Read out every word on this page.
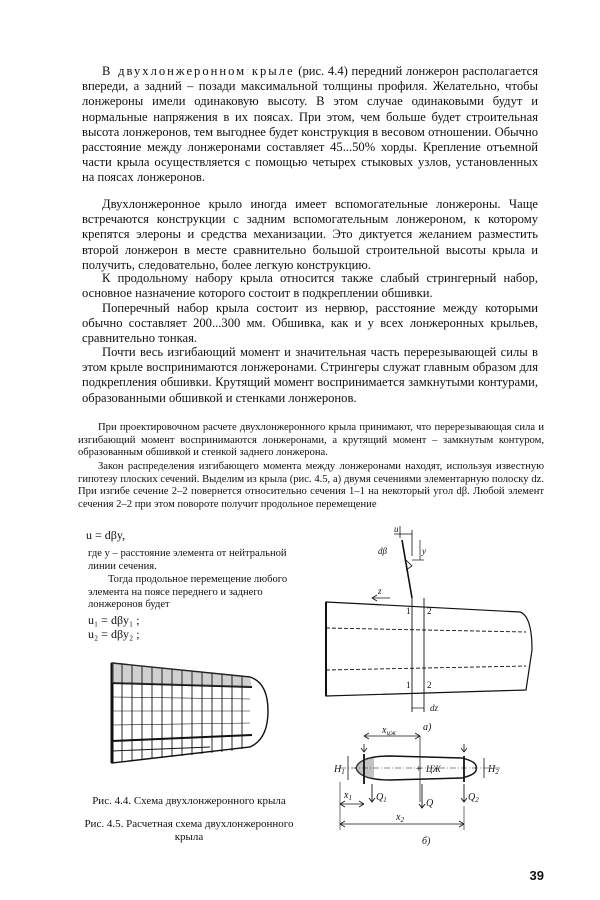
В двухлонжеронном крыле (рис. 4.4) передний лонжерон располагается впереди, а задний – позади максимальной толщины профиля. Желательно, чтобы лонжероны имели одинаковую высоту. В этом случае одинаковыми будут и нормальные напряжения в их поясах. При этом, чем больше будет строительная высота лонжеронов, тем выгоднее будет конструкция в весовом отношении. Обычно расстояние между лонжеронами составляет 45...50% хорды. Крепление отъемной части крыла осуществляется с помощью четырех стыковых узлов, установленных на поясах лонжеронов.

Двухлонжеронное крыло иногда имеет вспомогательные лонжероны. Чаще встречаются конструкции с задним вспомогательным лонжероном, к которому крепятся элероны и средства механизации. Это диктуется желанием разместить второй лонжерон в месте сравнительно большой строительной высоты крыла и получить, следовательно, более легкую конструкцию.

К продольному набору крыла относится также слабый стрингерный набор, основное назначение которого состоит в подкреплении обшивки.

Поперечный набор крыла состоит из нервюр, расстояние между которыми обычно составляет 200...300 мм. Обшивка, как и у всех лонжеронных крыльев, сравнительно тонкая.

Почти весь изгибающий момент и значительная часть перерезывающей силы в этом крыле воспринимаются лонжеронами. Стрингеры служат главным образом для подкрепления обшивки. Крутящий момент воспринимается замкнутыми контурами, образованными обшивкой и стенками лонжеронов.

При проектировочном расчете двухлонжеронного крыла принимают, что перерезывающая сила и изгибающий момент воспринимаются лонжеронами, а крутящий момент – замкнутым контуром, образованным обшивкой и стенкой заднего лонжерона.

Закон распределения изгибающего момента между лонжеронами находят, используя известную гипотезу плоских сечений. Выделим из крыла (рис. 4.5, а) двумя сечениями элементарную полоску dz. При изгибе сечение 2–2 повернется относительно сечения 1–1 на некоторый угол dβ. Любой элемент сечения 2–2 при этом повороте получит продольное перемещение

u = dβy,

где y – расстояние элемента от нейтральной линии сечения.

Тогда продольное перемещение любого элемента на поясе переднего и заднего лонжеронов будет

u₁ = dβy₁ ;
u₂ = dβy₂ ;
Рис. 4.4. Схема двухлонжеронного крыла
Рис. 4.5. Расчетная схема двухлонжеронного
крыла
u
dβ	y
z
1 2
1 2
dz
а)
$x_{цж}$
ЦЖ
+
$H_1$	$H_2$
$Q_1$	Q
$Q_2$
$x_1$
$x_2$
б)
39
